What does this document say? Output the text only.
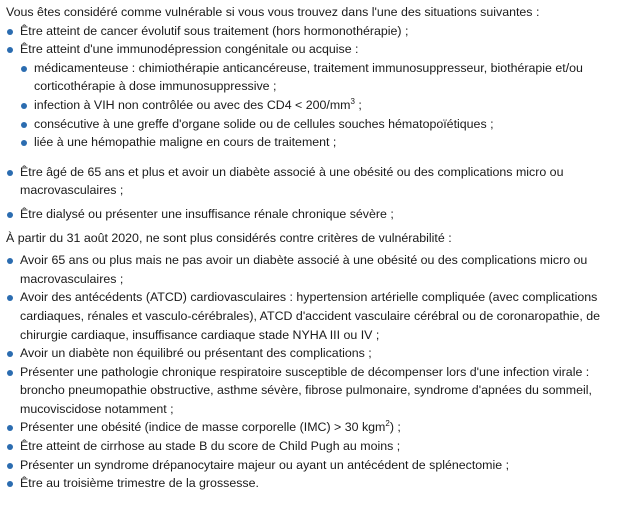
Vous êtes considéré comme vulnérable si vous vous trouvez dans l'une des situations suivantes :

Être atteint de cancer évolutif sous traitement (hors hormonothérapie) ;
Être atteint d'une immunodépression congénitale ou acquise :
médicamenteuse : chimiothérapie anticancéreuse, traitement immunosuppresseur, biothérapie et/ou corticothérapie à dose immunosuppressive ;
infection à VIH non contrôlée ou avec des $CD4 < 200/mm^3$ ;
consécutive à une greffe d'organe solide ou de cellules souches hématopoïétiques ;
liée à une hémopathie maligne en cours de traitement ;
Être âgé de 65 ans et plus et avoir un diabète associé à une obésité ou des complications micro ou macrovasculaires ;
Être dialysé ou présenter une insuffisance rénale chronique sévère ;

À partir du 31 août 2020, ne sont plus considérés contre critères de vulnérabilité :

Avoir 65 ans ou plus mais ne pas avoir un diabète associé à une obésité ou des complications micro ou macrovasculaires ;
Avoir des antécédents (ATCD) cardiovasculaires : hypertension artérielle compliquée (avec complications cardiaques, rénales et vasculo-cérébrales), ATCD d'accident vasculaire cérébral ou de coronaropathie, de chirurgie cardiaque, insuffisance cardiaque stade NYHA III ou IV ;
Avoir un diabète non équilibré ou présentant des complications ;
Présenter une pathologie chronique respiratoire susceptible de décompenser lors d'une infection virale : broncho pneumopathie obstructive, asthme sévère, fibrose pulmonaire, syndrome d'apnées du sommeil, mucoviscidose notamment ;
Présenter une obésité (indice de masse corporelle (IMC) > 30 kgm$^2$) ;
Être atteint de cirrhose au stade B du score de Child Pugh au moins ;
Présenter un syndrome drépanocytaire majeur ou ayant un antécédent de splénectomie ;
Être au troisième trimestre de la grossesse.
